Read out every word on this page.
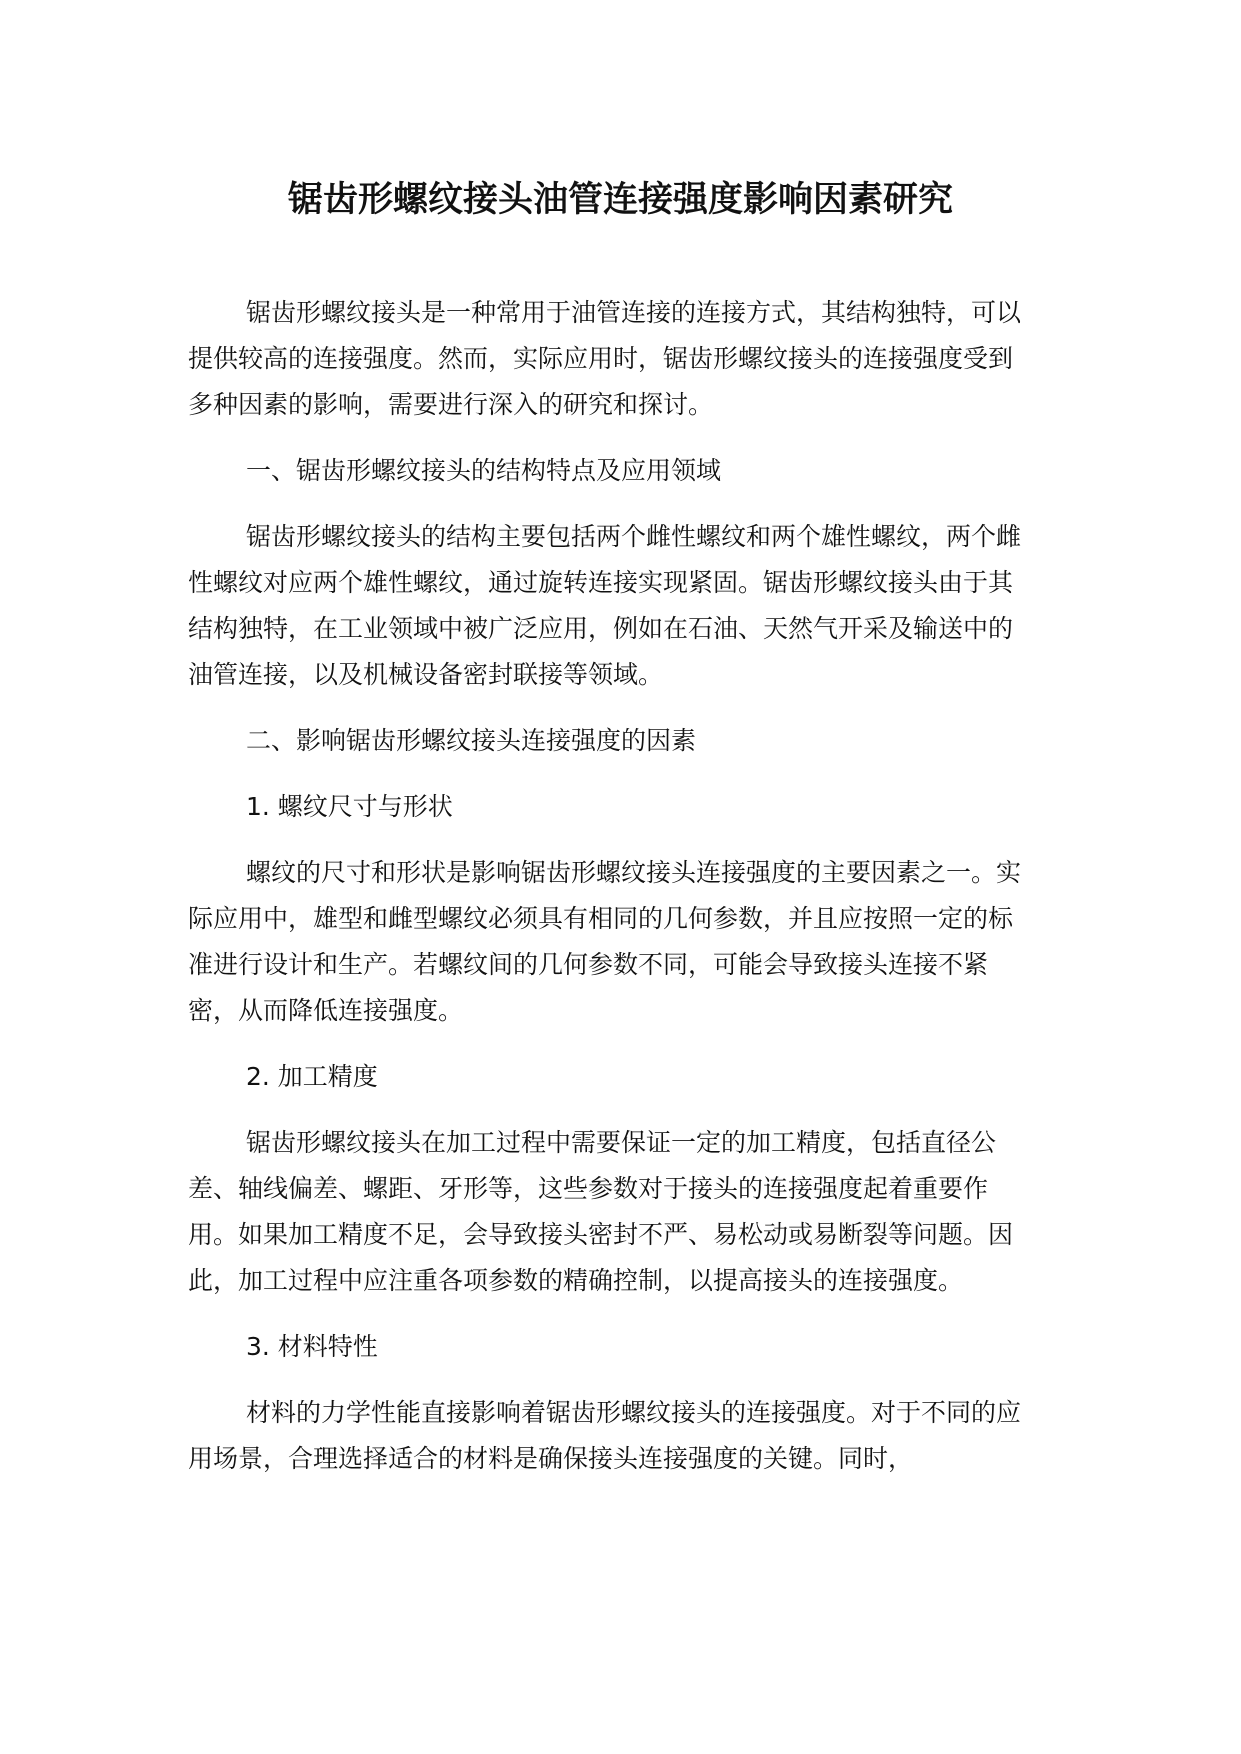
锯齿形螺纹接头油管连接强度影响因素研究

锯齿形螺纹接头是一种常用于油管连接的连接方式，其结构独特，可以提供较高的连接强度。然而，实际应用时，锯齿形螺纹接头的连接强度受到多种因素的影响，需要进行深入的研究和探讨。

一、锯齿形螺纹接头的结构特点及应用领域

锯齿形螺纹接头的结构主要包括两个雌性螺纹和两个雄性螺纹，两个雌性螺纹对应两个雄性螺纹，通过旋转连接实现紧固。锯齿形螺纹接头由于其结构独特，在工业领域中被广泛应用，例如在石油、天然气开采及输送中的油管连接，以及机械设备密封联接等领域。

二、影响锯齿形螺纹接头连接强度的因素

1. 螺纹尺寸与形状

螺纹的尺寸和形状是影响锯齿形螺纹接头连接强度的主要因素之一。实际应用中，雄型和雌型螺纹必须具有相同的几何参数，并且应按照一定的标准进行设计和生产。若螺纹间的几何参数不同，可能会导致接头连接不紧密，从而降低连接强度。

2. 加工精度

锯齿形螺纹接头在加工过程中需要保证一定的加工精度，包括直径公差、轴线偏差、螺距、牙形等，这些参数对于接头的连接强度起着重要作用。如果加工精度不足，会导致接头密封不严、易松动或易断裂等问题。因此，加工过程中应注重各项参数的精确控制，以提高接头的连接强度。

3. 材料特性

材料的力学性能直接影响着锯齿形螺纹接头的连接强度。对于不同的应用场景，合理选择适合的材料是确保接头连接强度的关键。同时，
